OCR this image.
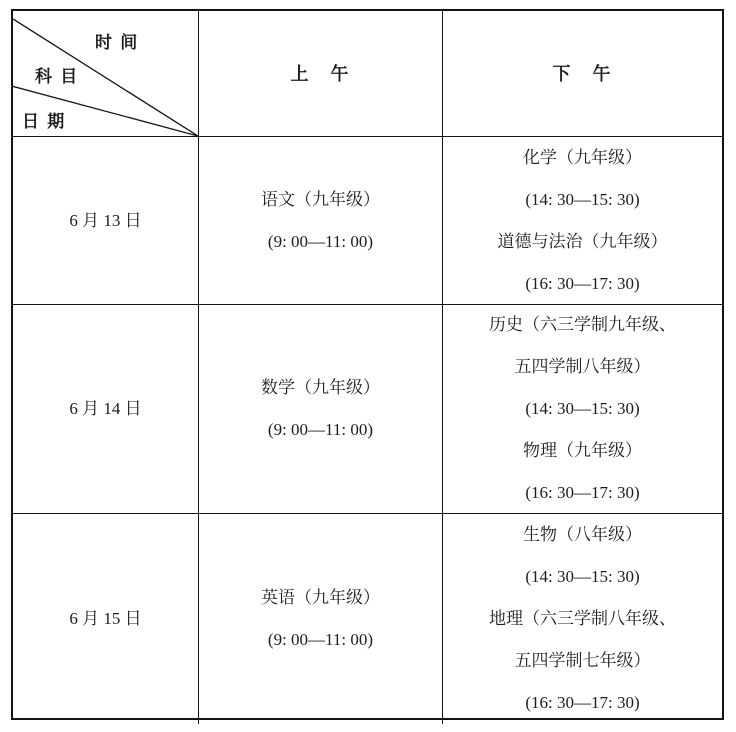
时 间
科 目
日 期
上　午	下　午
6 月 13 日
语文（九年级）
(9: 00—11: 00)
化学（九年级）
(14: 30—15: 30)
道德与法治（九年级）
(16: 30—17: 30)
6 月 14 日
数学（九年级）
(9: 00—11: 00)
历史（六三学制九年级、
五四学制八年级）
(14: 30—15: 30)
物理（九年级）
(16: 30—17: 30)
6 月 15 日
英语（九年级）
(9: 00—11: 00)
生物（八年级）
(14: 30—15: 30)
地理（六三学制八年级、
五四学制七年级）
(16: 30—17: 30)
